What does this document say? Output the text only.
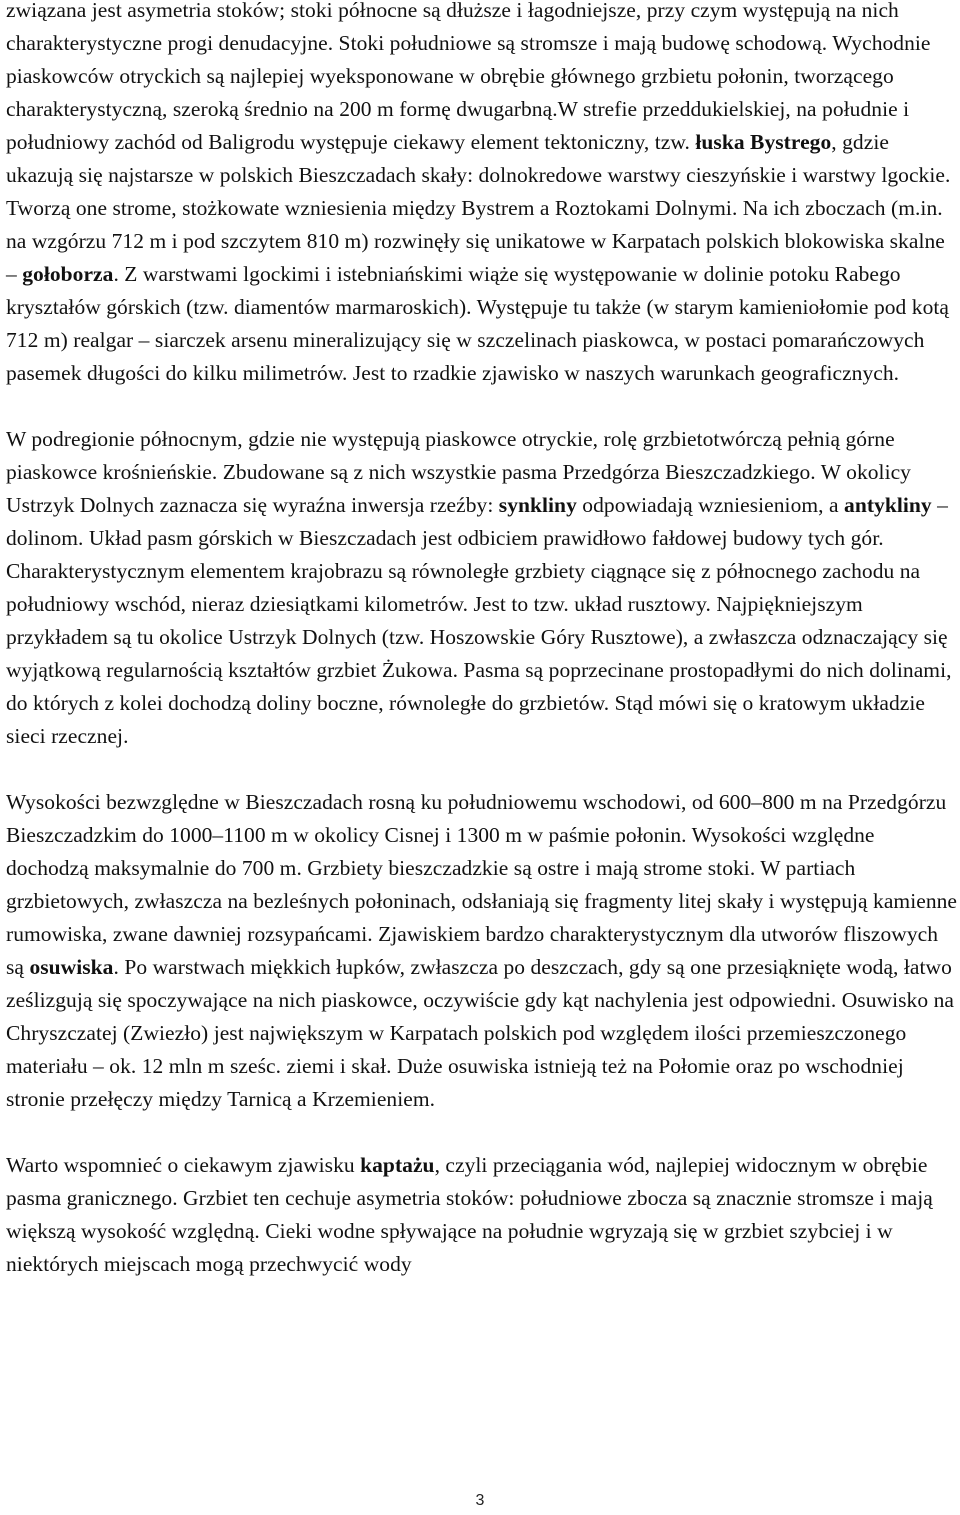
związana jest asymetria stoków; stoki północne są dłuższe i łagodniejsze, przy czym występują na nich charakterystyczne progi denudacyjne. Stoki południowe są stromsze i mają budowę schodową. Wychodnie piaskowców otryckich są najlepiej wyeksponowane w obrębie głównego grzbietu połonin, tworzącego charakterystyczną, szeroką średnio na 200 m formę dwugarbną.W strefie przeddukielskiej, na południe i południowy zachód od Baligrodu występuje ciekawy element tektoniczny, tzw. łuska Bystrego, gdzie ukazują się najstarsze w polskich Bieszczadach skały: dolnokredowe warstwy cieszyńskie i warstwy lgockie. Tworzą one strome, stożkowate wzniesienia między Bystrem a Roztokami Dolnymi. Na ich zboczach (m.in. na wzgórzu 712 m i pod szczytem 810 m) rozwinęły się unikatowe w Karpatach polskich blokowiska skalne – gołoborza. Z warstwami lgockimi i istebniańskimi wiąże się występowanie w dolinie potoku Rabego kryształów górskich (tzw. diamentów marmaroskich). Występuje tu także (w starym kamieniołomie pod kotą 712 m) realgar – siarczek arsenu mineralizujący się w szczelinach piaskowca, w postaci pomarańczowych pasemek długości do kilku milimetrów. Jest to rzadkie zjawisko w naszych warunkach geograficznych.

W podregionie północnym, gdzie nie występują piaskowce otryckie, rolę grzbietotwórczą pełnią górne piaskowce krośnieńskie. Zbudowane są z nich wszystkie pasma Przedgórza Bieszczadzkiego. W okolicy Ustrzyk Dolnych zaznacza się wyraźna inwersja rzeźby: synkliny odpowiadają wzniesieniom, a antykliny – dolinom. Układ pasm górskich w Bieszczadach jest odbiciem prawidłowo fałdowej budowy tych gór. Charakterystycznym elementem krajobrazu są równoległe grzbiety ciągnące się z północnego zachodu na południowy wschód, nieraz dziesiątkami kilometrów. Jest to tzw. układ rusztowy. Najpiękniejszym przykładem są tu okolice Ustrzyk Dolnych (tzw. Hoszowskie Góry Rusztowe), a zwłaszcza odznaczający się wyjątkową regularnością kształtów grzbiet Żukowa. Pasma są poprzecinane prostopadłymi do nich dolinami, do których z kolei dochodzą doliny boczne, równoległe do grzbietów. Stąd mówi się o kratowym układzie sieci rzecznej.

Wysokości bezwzględne w Bieszczadach rosną ku południowemu wschodowi, od 600–800 m na Przedgórzu Bieszczadzkim do 1000–1100 m w okolicy Cisnej i 1300 m w paśmie połonin. Wysokości względne dochodzą maksymalnie do 700 m. Grzbiety bieszczadzkie są ostre i mają strome stoki. W partiach grzbietowych, zwłaszcza na bezleśnych połoninach, odsłaniają się fragmenty litej skały i występują kamienne rumowiska, zwane dawniej rozsypańcami. Zjawiskiem bardzo charakterystycznym dla utworów fliszowych są osuwiska. Po warstwach miękkich łupków, zwłaszcza po deszczach, gdy są one przesiąknięte wodą, łatwo ześlizgują się spoczywające na nich piaskowce, oczywiście gdy kąt nachylenia jest odpowiedni. Osuwisko na Chryszczatej (Zwiezło) jest największym w Karpatach polskich pod względem ilości przemieszczonego materiału – ok. 12 mln m sześc. ziemi i skał. Duże osuwiska istnieją też na Połomie oraz po wschodniej stronie przełęczy między Tarnicą a Krzemieniem.

Warto wspomnieć o ciekawym zjawisku kaptażu, czyli przeciągania wód, najlepiej widocznym w obrębie pasma granicznego. Grzbiet ten cechuje asymetria stoków: południowe zbocza są znacznie stromsze i mają większą wysokość względną. Cieki wodne spływające na południe wgryzają się w grzbiet szybciej i w niektórych miejscach mogą przechwycić wody

3
